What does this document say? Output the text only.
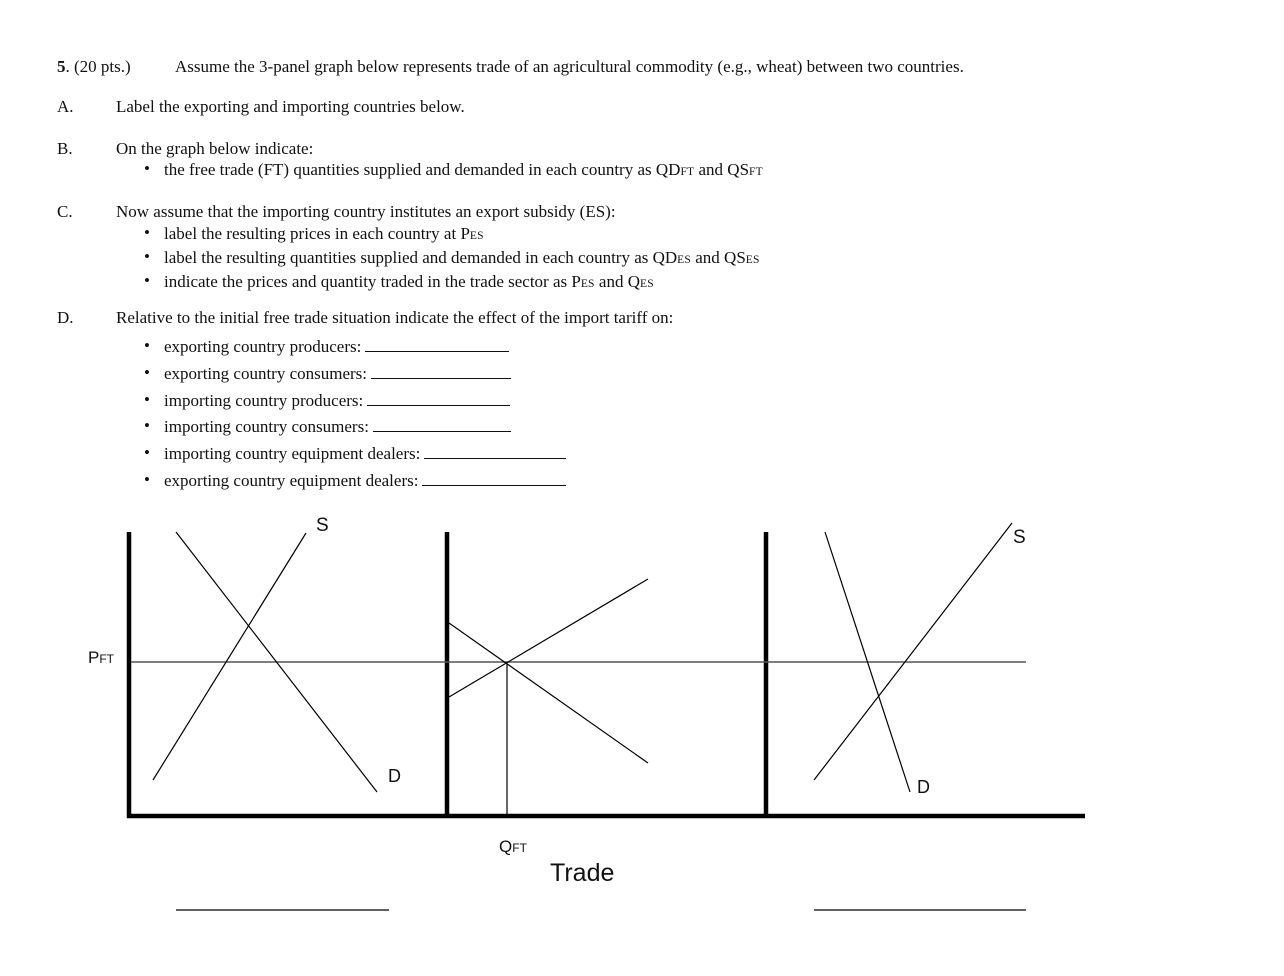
5. (20 pts.)	Assume the 3-panel graph below represents trade of an agricultural commodity (e.g., wheat) between two countries.
A. Label the exporting and importing countries below.
B.	On the graph below indicate:
• the free trade (FT) quantities supplied and demanded in each country as QDFT and QSFT
C.	Now assume that the importing country institutes an export subsidy (ES):
• label the resulting prices in each country at PES
• label the resulting quantities supplied and demanded in each country as QDES and QSES
• indicate the prices and quantity traded in the trade sector as PES and QES
D. Relative to the initial free trade situation indicate the effect of the import tariff on:
• exporting country producers:
• exporting country consumers:
• importing country producers:
• importing country consumers:
• importing country equipment dealers:
• exporting country equipment dealers:
PFT
S
D
QFT
Trade
S
D
